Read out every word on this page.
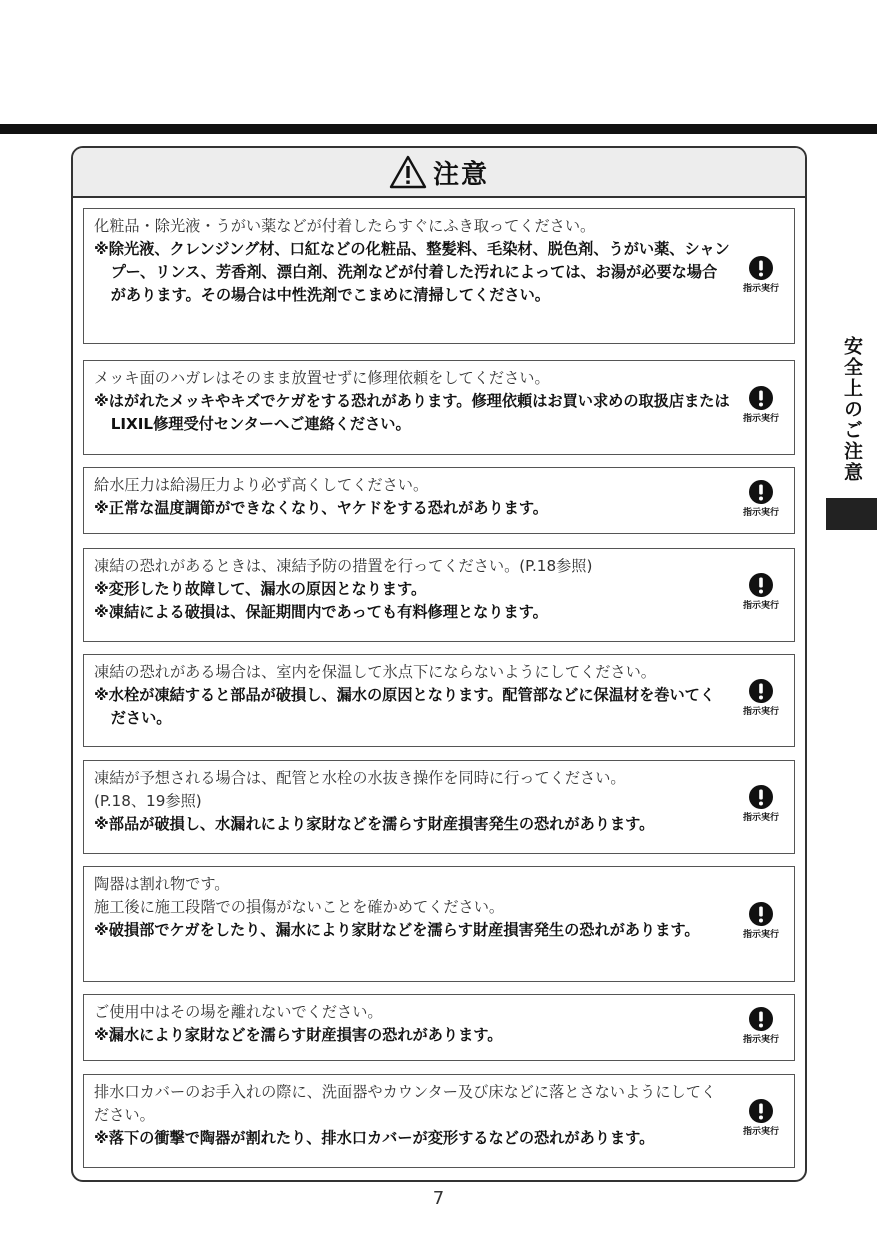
注意
化粧品・除光液・うがい薬などが付着したらすぐにふき取ってください。
※除光液、クレンジング材、口紅などの化粧品、整髪料、毛染材、脱色剤、うがい薬、シャンプー、リンス、芳香剤、漂白剤、洗剤などが付着した汚れによっては、お湯が必要な場合があります。その場合は中性洗剤でこまめに清掃してください。	指示実行
メッキ面のハガレはそのまま放置せずに修理依頼をしてください。
※はがれたメッキやキズでケガをする恐れがあります。修理依頼はお買い求めの取扱店またはLIXIL修理受付センターへご連絡ください。	指示実行
給水圧力は給湯圧力より必ず高くしてください。
※正常な温度調節ができなくなり、ヤケドをする恐れがあります。	指示実行
凍結の恐れがあるときは、凍結予防の措置を行ってください。(P.18参照)
※変形したり故障して、漏水の原因となります。
※凍結による破損は、保証期間内であっても有料修理となります。	指示実行
凍結の恐れがある場合は、室内を保温して氷点下にならないようにしてください。
※水栓が凍結すると部品が破損し、漏水の原因となります。配管部などに保温材を巻いてください。	指示実行
凍結が予想される場合は、配管と水栓の水抜き操作を同時に行ってください。
(P.18、19参照)
※部品が破損し、水漏れにより家財などを濡らす財産損害発生の恐れがあります。	指示実行
陶器は割れ物です。
施工後に施工段階での損傷がないことを確かめてください。
※破損部でケガをしたり、漏水により家財などを濡らす財産損害発生の恐れがあります。	指示実行
ご使用中はその場を離れないでください。
※漏水により家財などを濡らす財産損害の恐れがあります。	指示実行
排水口カバーのお手入れの際に、洗面器やカウンター及び床などに落とさないようにしてください。
※落下の衝撃で陶器が割れたり、排水口カバーが変形するなどの恐れがあります。	指示実行
安全上のご注意
7
